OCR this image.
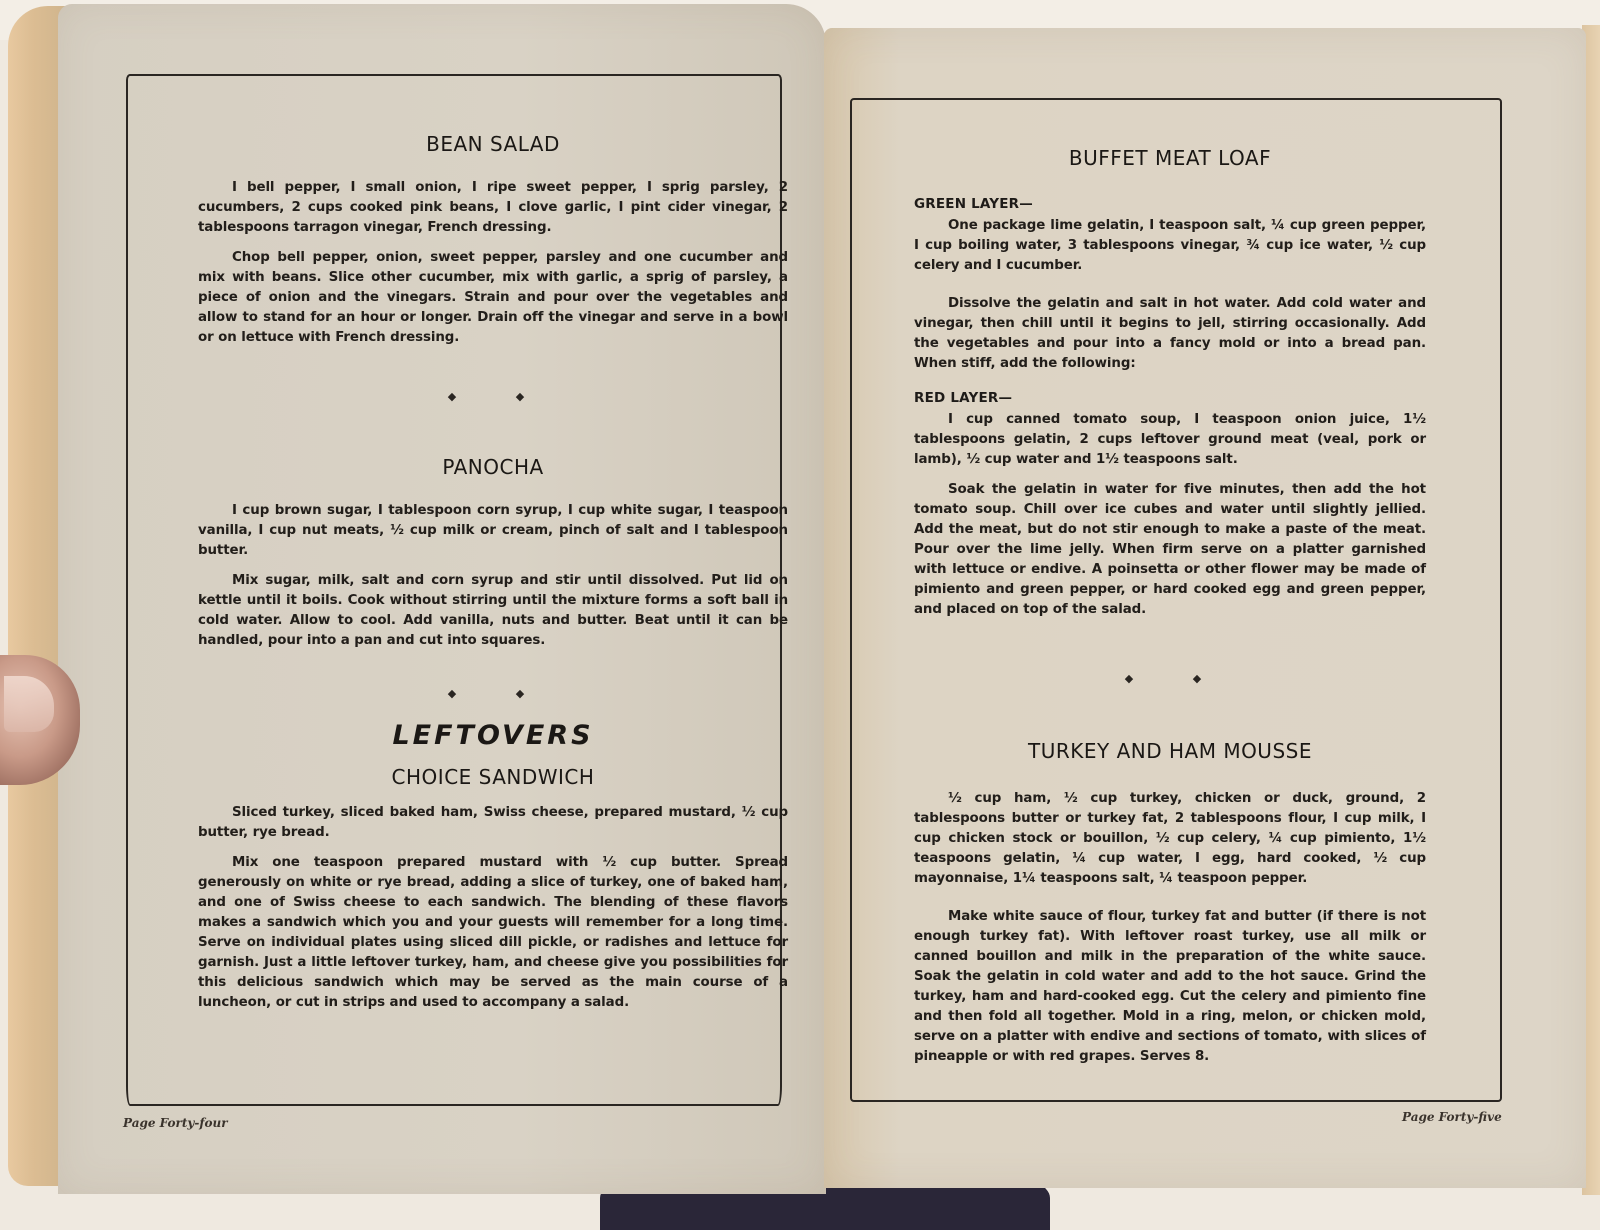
BEAN SALAD

I bell pepper, I small onion, I ripe sweet pepper, I sprig parsley, 2 cucumbers, 2 cups cooked pink beans, I clove garlic, I pint cider vinegar, 2 tablespoons tarragon vinegar, French dressing.

Chop bell pepper, onion, sweet pepper, parsley and one cucumber and mix with beans. Slice other cucumber, mix with garlic, a sprig of parsley, a piece of onion and the vinegars. Strain and pour over the vegetables and allow to stand for an hour or longer. Drain off the vinegar and serve in a bowl or on lettuce with French dressing.

◆ ◆
PANOCHA

I cup brown sugar, I tablespoon corn syrup, I cup white sugar, I teaspoon vanilla, I cup nut meats, ½ cup milk or cream, pinch of salt and I tablespoon butter.

Mix sugar, milk, salt and corn syrup and stir until dissolved. Put lid on kettle until it boils. Cook without stirring until the mixture forms a soft ball in cold water. Allow to cool. Add vanilla, nuts and butter. Beat until it can be handled, pour into a pan and cut into squares.

◆ ◆
LEFTOVERS
CHOICE SANDWICH

Sliced turkey, sliced baked ham, Swiss cheese, prepared mustard, ½ cup butter, rye bread.

Mix one teaspoon prepared mustard with ½ cup butter. Spread generously on white or rye bread, adding a slice of turkey, one of baked ham, and one of Swiss cheese to each sandwich. The blending of these flavors makes a sandwich which you and your guests will remember for a long time. Serve on individual plates using sliced dill pickle, or radishes and lettuce for garnish. Just a little leftover turkey, ham, and cheese give you possibilities for this delicious sandwich which may be served as the main course of a luncheon, or cut in strips and used to accompany a salad.

Page Forty-four
BUFFET MEAT LOAF
GREEN LAYER—

One package lime gelatin, I teaspoon salt, ¼ cup green pepper, I cup boiling water, 3 tablespoons vinegar, ¾ cup ice water, ½ cup celery and I cucumber.

Dissolve the gelatin and salt in hot water. Add cold water and vinegar, then chill until it begins to jell, stirring occasionally. Add the vegetables and pour into a fancy mold or into a bread pan. When stiff, add the following:

RED LAYER—

I cup canned tomato soup, I teaspoon onion juice, 1½ tablespoons gelatin, 2 cups leftover ground meat (veal, pork or lamb), ½ cup water and 1½ teaspoons salt.

Soak the gelatin in water for five minutes, then add the hot tomato soup. Chill over ice cubes and water until slightly jellied. Add the meat, but do not stir enough to make a paste of the meat. Pour over the lime jelly. When firm serve on a platter garnished with lettuce or endive. A poinsetta or other flower may be made of pimiento and green pepper, or hard cooked egg and green pepper, and placed on top of the salad.

◆ ◆
TURKEY AND HAM MOUSSE

½ cup ham, ½ cup turkey, chicken or duck, ground, 2 tablespoons butter or turkey fat, 2 tablespoons flour, I cup milk, I cup chicken stock or bouillon, ½ cup celery, ¼ cup pimiento, 1½ teaspoons gelatin, ¼ cup water, I egg, hard cooked, ½ cup mayonnaise, 1¼ teaspoons salt, ¼ teaspoon pepper.

Make white sauce of flour, turkey fat and butter (if there is not enough turkey fat). With leftover roast turkey, use all milk or canned bouillon and milk in the preparation of the white sauce. Soak the gelatin in cold water and add to the hot sauce. Grind the turkey, ham and hard-cooked egg. Cut the celery and pimiento fine and then fold all together. Mold in a ring, melon, or chicken mold, serve on a platter with endive and sections of tomato, with slices of pineapple or with red grapes. Serves 8.

Page Forty-five
